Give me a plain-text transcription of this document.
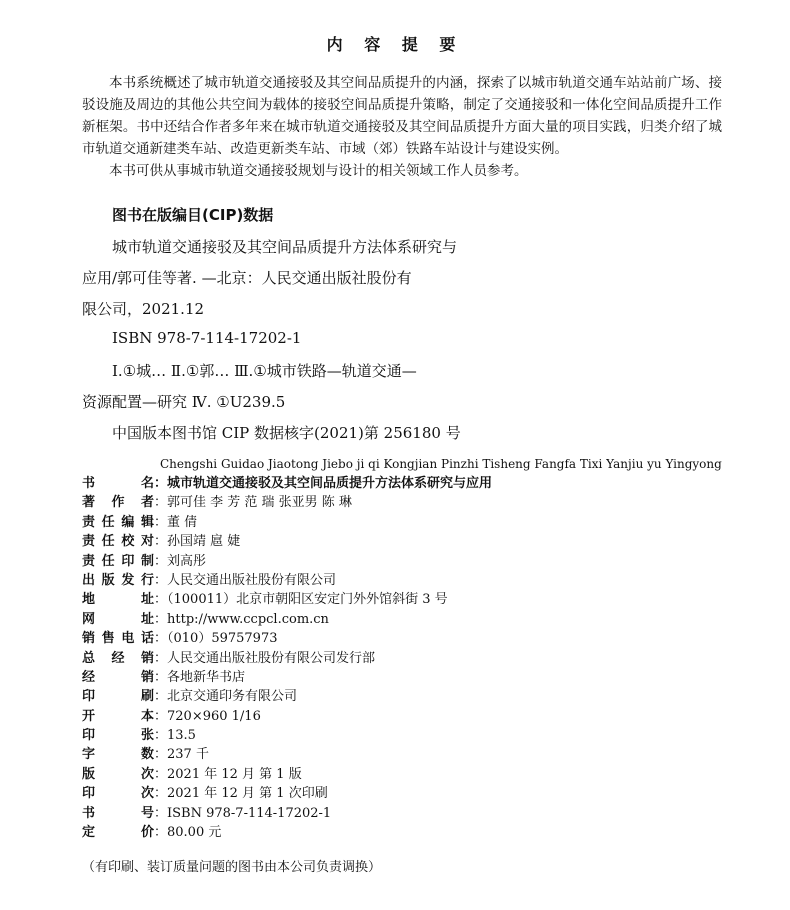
内 容 提 要

本书系统概述了城市轨道交通接驳及其空间品质提升的内涵，探索了以城市轨道交通车站站前广场、接驳设施及周边的其他公共空间为载体的接驳空间品质提升策略，制定了交通接驳和一体化空间品质提升工作新框架。书中还结合作者多年来在城市轨道交通接驳及其空间品质提升方面大量的项目实践，归类介绍了城市轨道交通新建类车站、改造更新类车站、市域（郊）铁路车站设计与建设实例。

本书可供从事城市轨道交通接驳规划与设计的相关领域工作人员参考。

图书在版编目(CIP)数据
城市轨道交通接驳及其空间品质提升方法体系研究与
应用/郭可佳等著. —北京：人民交通出版社股份有
限公司，2021.12
ISBN 978-7-114-17202-1
Ⅰ.①城… Ⅱ.①郭… Ⅲ.①城市铁路—轨道交通—
资源配置—研究 Ⅳ. ①U239.5
中国版本图书馆 CIP 数据核字(2021)第 256180 号
Chengshi Guidao Jiaotong Jiebo ji qi Kongjian Pinzhi Tisheng Fangfa Tixi Yanjiu yu Yingyong
书	名 ：城市轨道交通接驳及其空间品质提升方法体系研究与应用
著 作 者 ：郭可佳 李 芳 范 瑞 张亚男 陈 琳
责 任 编 辑 ：董 倩
责 任 校 对 ：孙国靖 扈 婕
责 任 印 制 ：刘高彤
出 版 发 行 ：人民交通出版社股份有限公司
地	址 ：（100011）北京市朝阳区安定门外外馆斜街 3 号
网	址 ：http://www.ccpcl.com.cn
销 售 电 话 ：（010）59757973
总 经 销 ：人民交通出版社股份有限公司发行部
经	销 ：各地新华书店
印	刷 ：北京交通印务有限公司
开	本 ：720×960 1/16
印	张 ：13.5
字	数 ：237 千
版	次 ：2021 年 12 月 第 1 版
印	次 ：2021 年 12 月 第 1 次印刷
书	号 ：ISBN 978-7-114-17202-1
定	价 ：80.00 元
（有印刷、装订质量问题的图书由本公司负责调换）
